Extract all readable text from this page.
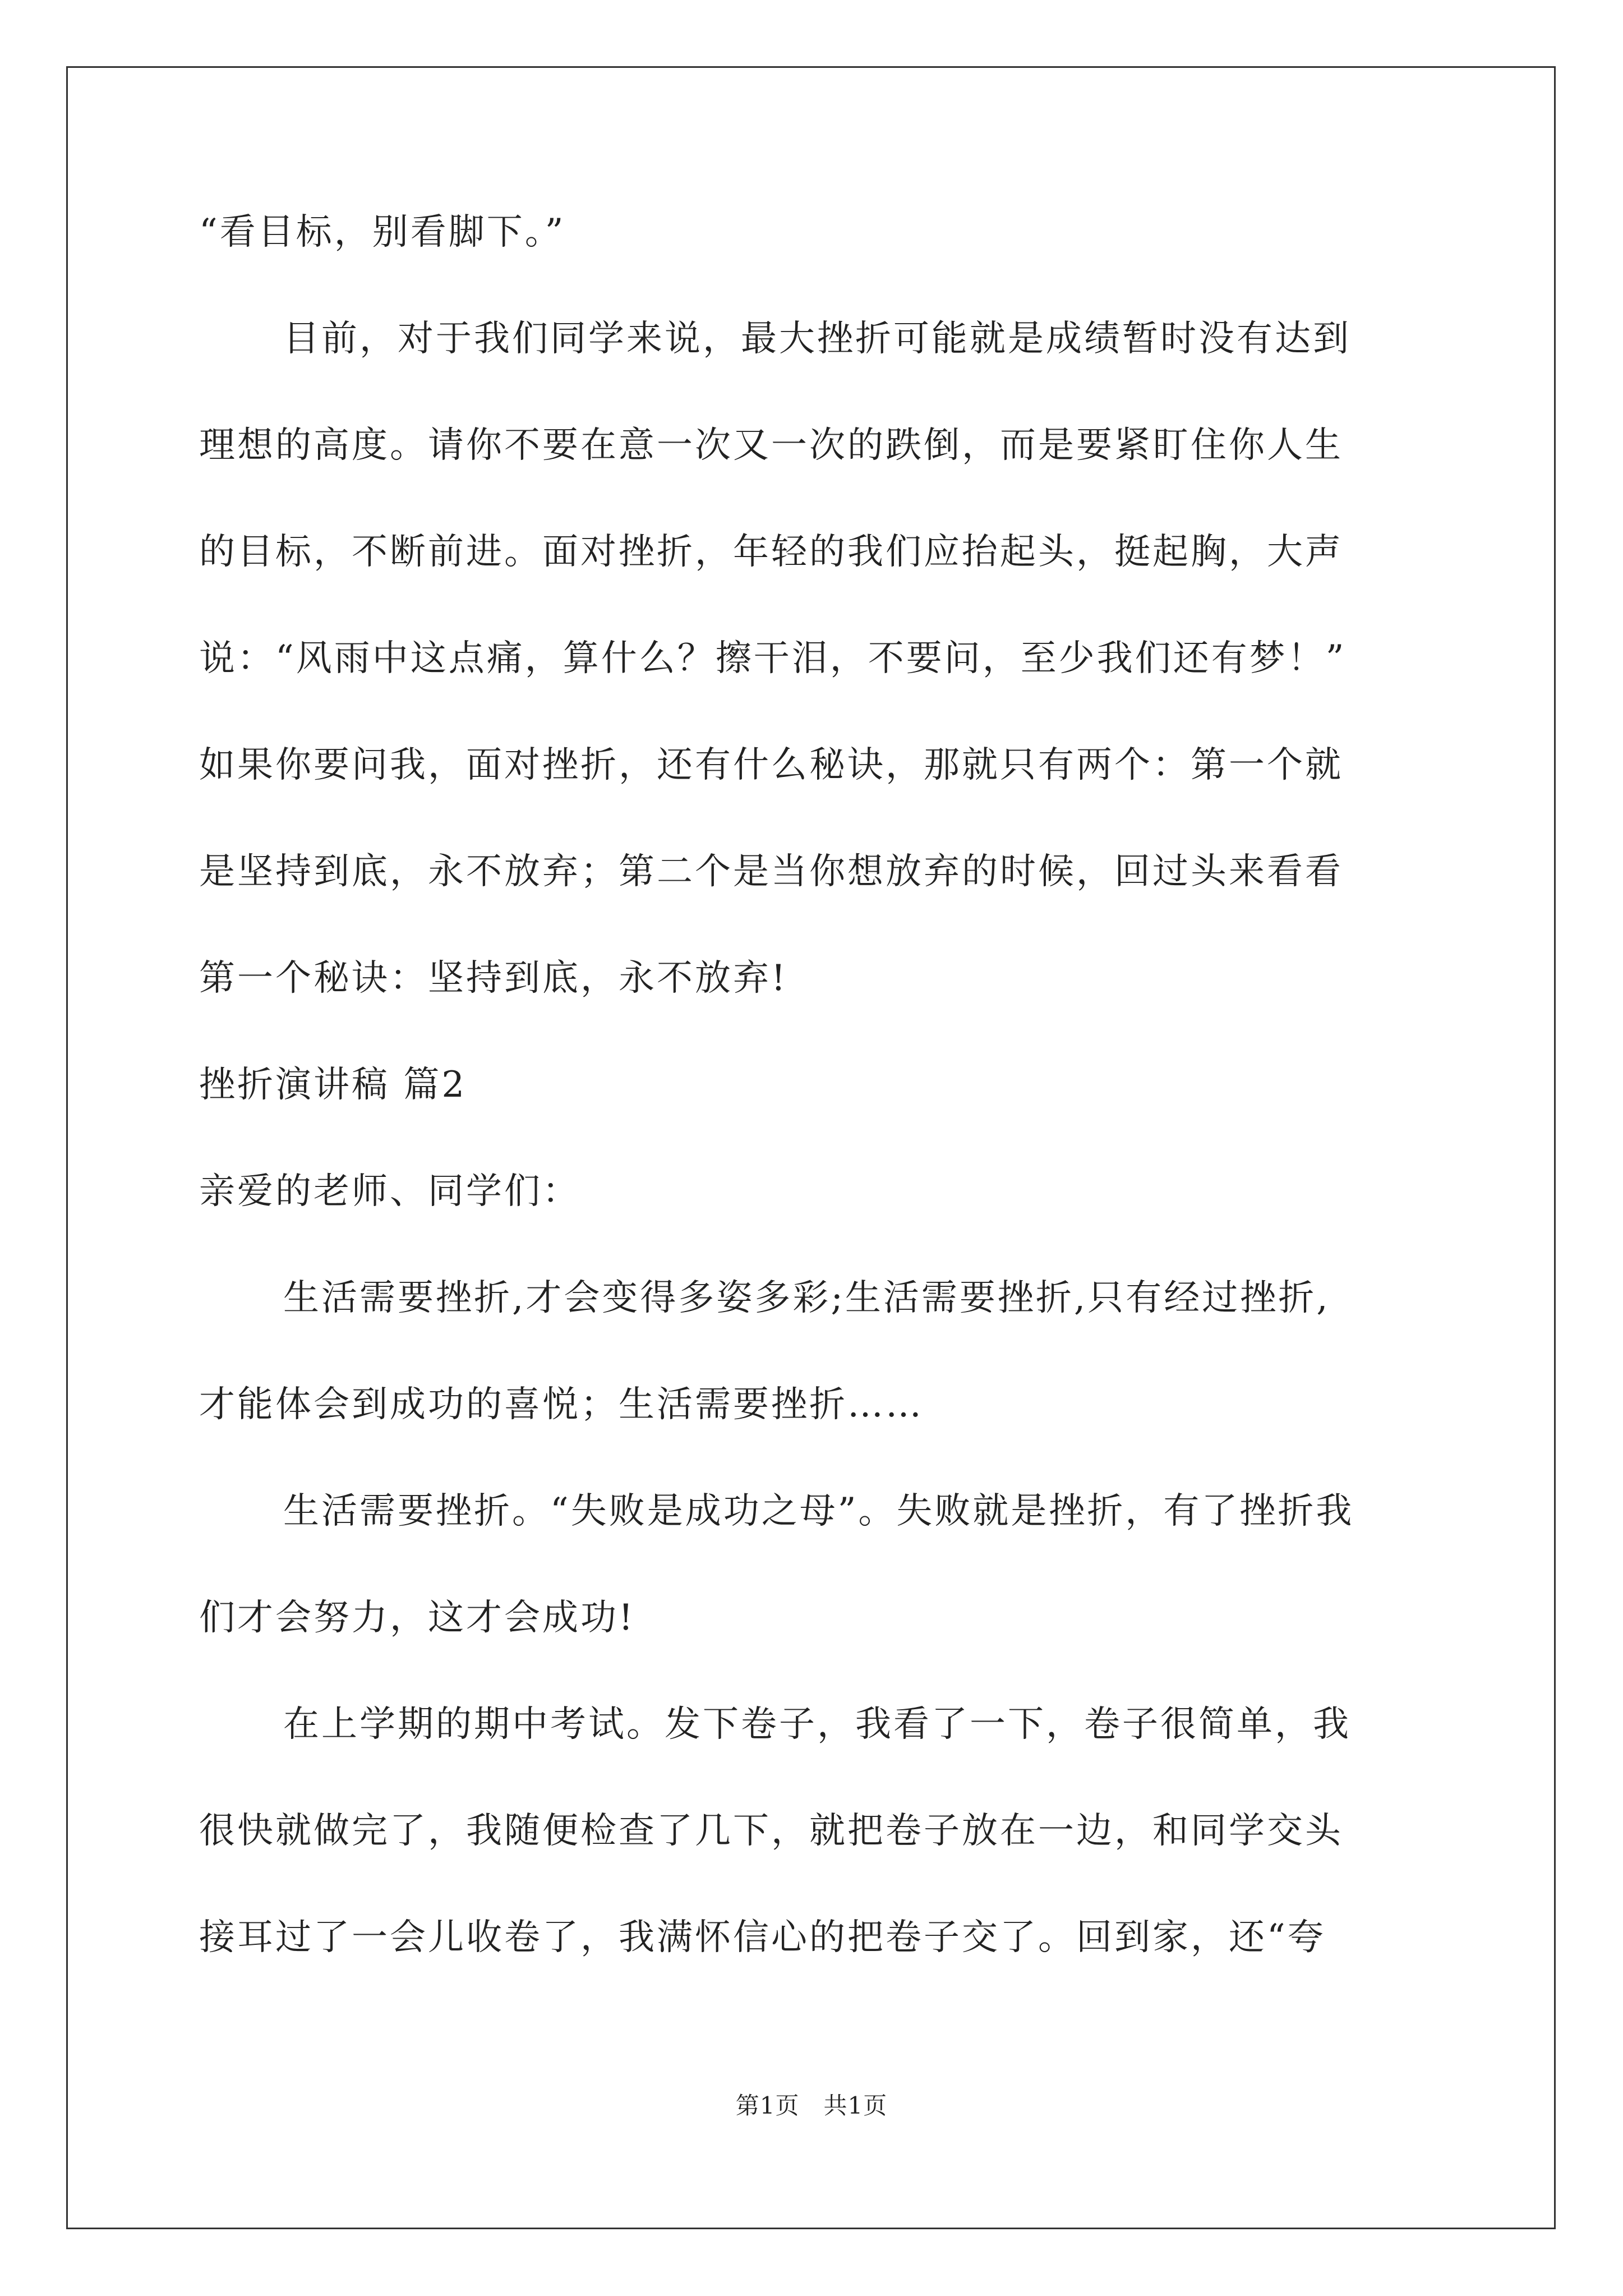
“看目标，别看脚下。”
目前，对于我们同学来说，最大挫折可能就是成绩暂时没有达到
理想的高度。请你不要在意一次又一次的跌倒，而是要紧盯住你人生
的目标，不断前进。面对挫折，年轻的我们应抬起头，挺起胸，大声
说：“风雨中这点痛，算什么？擦干泪，不要问，至少我们还有梦！”
如果你要问我，面对挫折，还有什么秘诀，那就只有两个：第一个就
是坚持到底，永不放弃；第二个是当你想放弃的时候，回过头来看看
第一个秘诀：坚持到底，永不放弃!
挫折演讲稿 篇2
亲爱的老师、同学们：
生活需要挫折,才会变得多姿多彩;生活需要挫折,只有经过挫折,
才能体会到成功的喜悦；生活需要挫折……
生活需要挫折。“失败是成功之母”。失败就是挫折，有了挫折我
们才会努力，这才会成功!
在上学期的期中考试。发下卷子，我看了一下，卷子很简单，我
很快就做完了，我随便检查了几下，就把卷子放在一边，和同学交头
接耳过了一会儿收卷了，我满怀信心的把卷子交了。回到家，还“夸
第1页　共1页
